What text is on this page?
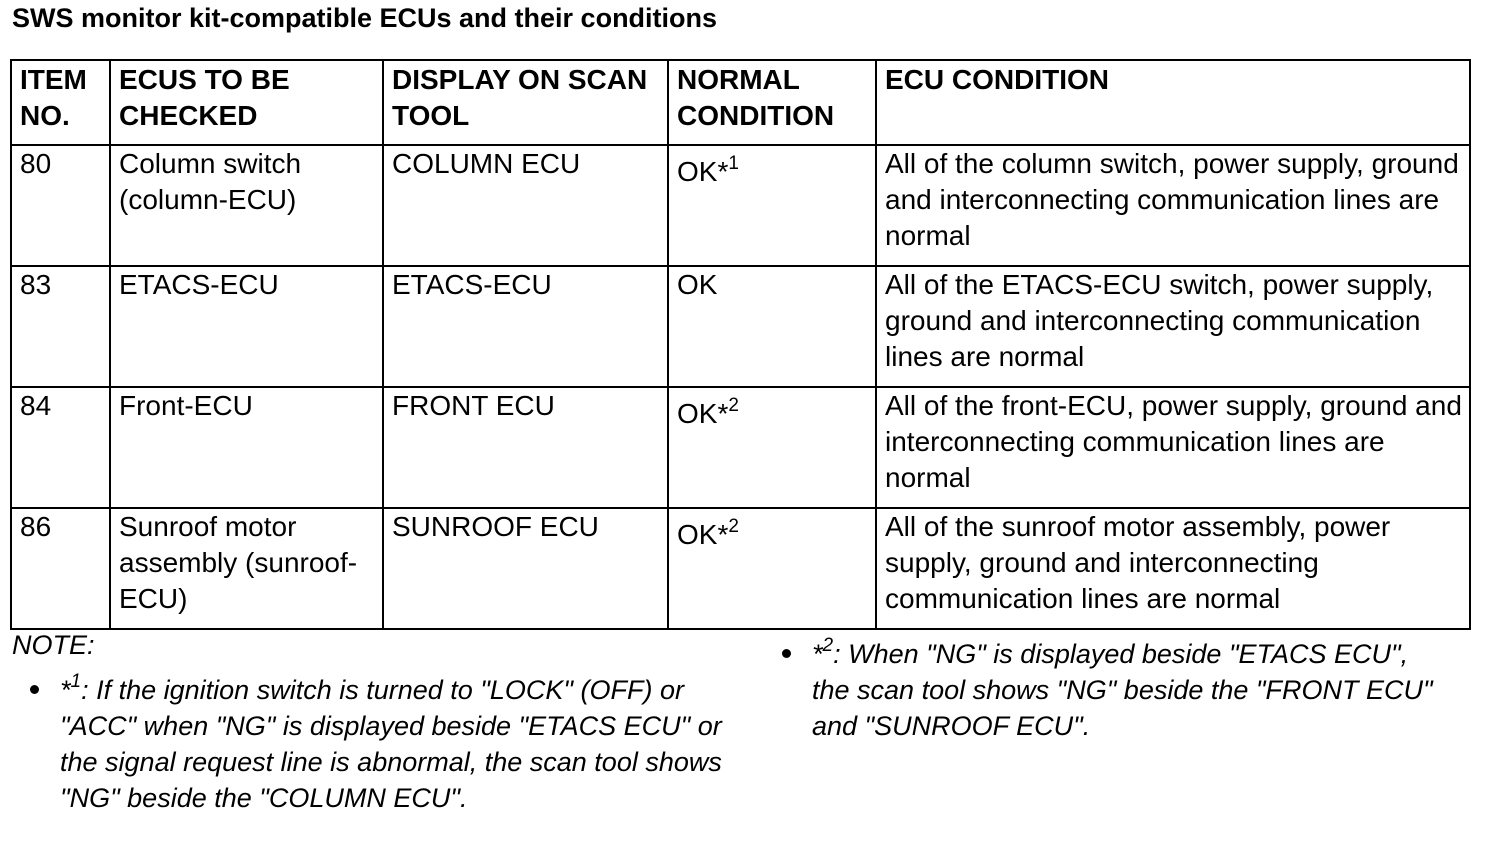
SWS monitor kit-compatible ECUs and their conditions
ITEM NO.	ECUS TO BE CHECKED	DISPLAY ON SCAN TOOL	NORMAL CONDITION	ECU CONDITION
80	Column switch (column-ECU)	COLUMN ECU	OK*$^1$	All of the column switch, power supply, ground and interconnecting communication lines are normal
83	ETACS-ECU	ETACS-ECU	OK	All of the ETACS-ECU switch, power supply, ground and interconnecting communication lines are normal
84	Front-ECU	FRONT ECU	OK*$^2$	All of the front-ECU, power supply, ground and interconnecting communication lines are normal
86	Sunroof motor assembly (sunroof-ECU)	SUNROOF ECU	OK*$^2$	All of the sunroof motor assembly, power supply, ground and interconnecting communication lines are normal
NOTE:
*$^1$: If the ignition switch is turned to "LOCK" (OFF) or "ACC" when "NG" is displayed beside "ETACS ECU" or the signal request line is abnormal, the scan tool shows "NG" beside the "COLUMN ECU".
*$^2$: When "NG" is displayed beside "ETACS ECU", the scan tool shows "NG" beside the "FRONT ECU" and "SUNROOF ECU".
